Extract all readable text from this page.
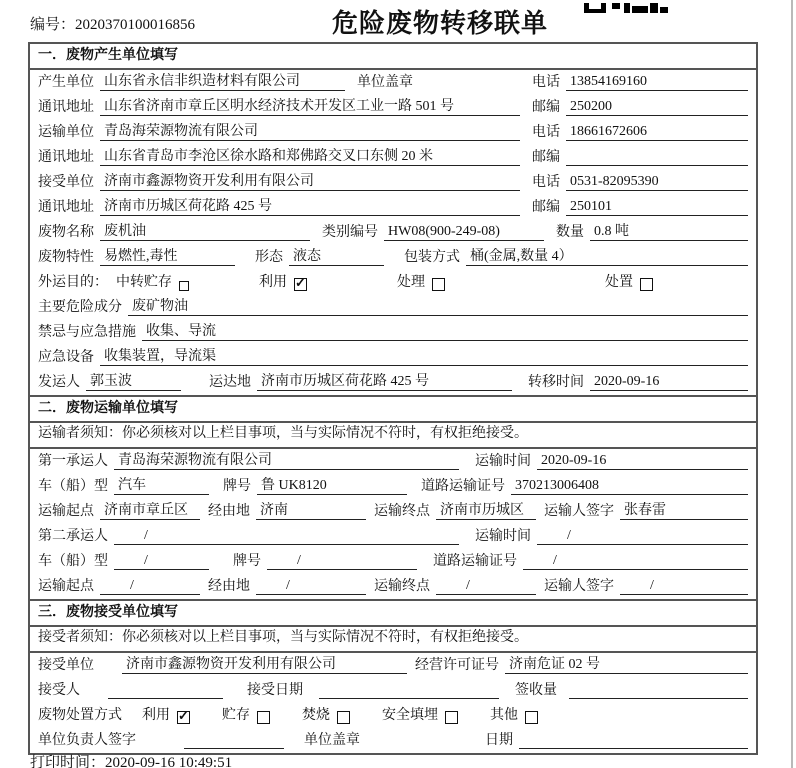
编号：2020370100016856	危险废物转移联单
一．废物产生单位填写
产生单位 山东省永信非织造材料有限公司	单位盖章	电话 13854169160
通讯地址 山东省济南市章丘区明水经济技术开发区工业一路 501 号	邮编 250200
运输单位 青岛海荣源物流有限公司	电话 18661672606
通讯地址 山东省青岛市李沧区徐水路和郑佛路交叉口东侧 20 米	邮编
接受单位 济南市鑫源物资开发利用有限公司	电话 0531-82095390
通讯地址 济南市历城区荷花路 425 号	邮编 250101
废物名称 废机油	类别编号 HW08(900-249-08)	数量 0.8 吨
废物特性 易燃性,毒性	形态 液态	包装方式 桶(金属,数量 4）
外运目的： 中转贮存	利用 ✓	处理	处置
主要危险成分 废矿物油
禁忌与应急措施 收集、导流
应急设备 收集装置，导流渠
发运人 郭玉波	运达地 济南市历城区荷花路 425 号	转移时间 2020-09-16
二．废物运输单位填写
运输者须知：你必须核对以上栏目事项，当与实际情况不符时，有权拒绝接受。
第一承运人 青岛海荣源物流有限公司	运输时间 2020-09-16
车（船）型 汽车	牌号 鲁 UK8120	道路运输证号 370213006408
运输起点 济南市章丘区	经由地 济南	运输终点 济南市历城区	运输人签字 张春雷
第二承运人	/	运输时间	/
车（船）型	/	牌号	/	道路运输证号	/
运输起点	/	经由地	/	运输终点	/	运输人签字	/
三．废物接受单位填写
接受者须知：你必须核对以上栏目事项，当与实际情况不符时，有权拒绝接受。
接受单位 济南市鑫源物资开发利用有限公司	经营许可证号 济南危证 02 号
接受人	接受日期	签收量
废物处置方式 利用 ✓	贮存	焚烧	安全填埋	其他
单位负责人签字	单位盖章	日期
打印时间：2020-09-16 10:49:51
